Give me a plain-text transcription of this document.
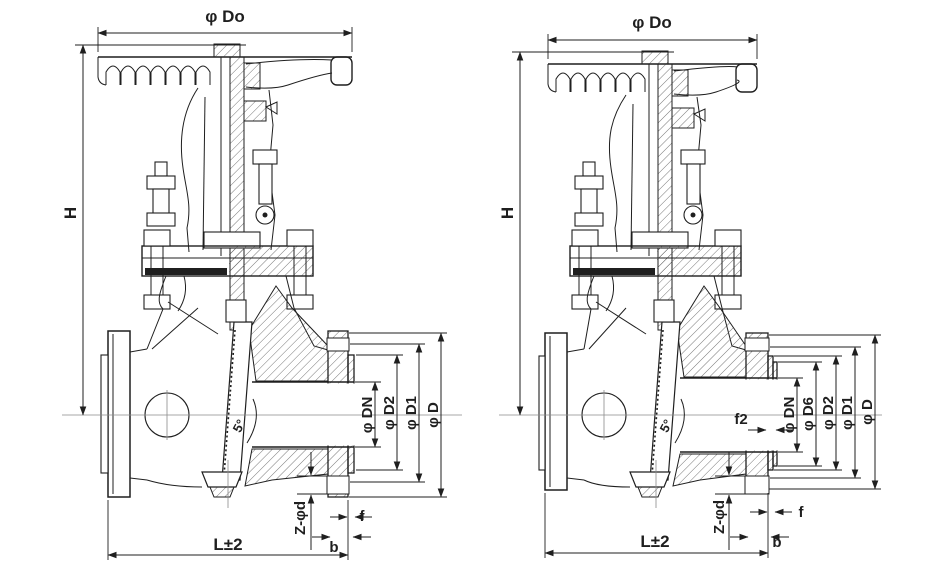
φ Do
H
φ DN φ D2 φ D1 φ D
L±2
Z-φd
b
f
5°
φ Do
H
φ DN φ D6 φ D2 φ D1 φ D
L±2
Z-φd
b
f
f2
5°
